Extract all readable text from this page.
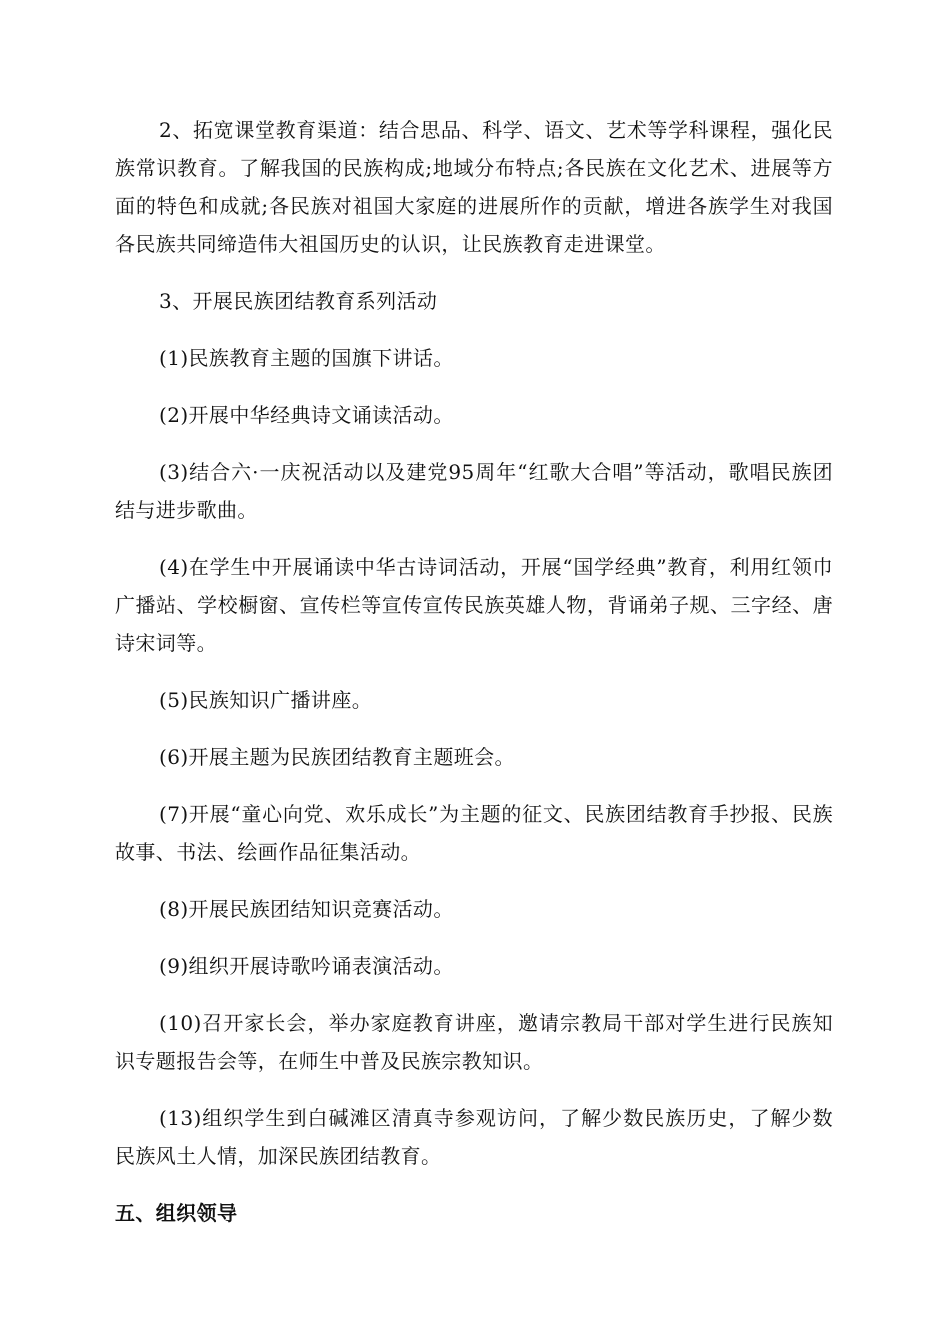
2、拓宽课堂教育渠道：结合思品、科学、语文、艺术等学科课程，强化民族常识教育。了解我国的民族构成;地域分布特点;各民族在文化艺术、进展等方面的特色和成就;各民族对祖国大家庭的进展所作的贡献，增进各族学生对我国各民族共同缔造伟大祖国历史的认识，让民族教育走进课堂。

3、开展民族团结教育系列活动

(1)民族教育主题的国旗下讲话。

(2)开展中华经典诗文诵读活动。

(3)结合六·一庆祝活动以及建党95周年“红歌大合唱”等活动，歌唱民族团结与进步歌曲。

(4)在学生中开展诵读中华古诗词活动，开展“国学经典”教育，利用红领巾广播站、学校橱窗、宣传栏等宣传宣传民族英雄人物，背诵弟子规、三字经、唐诗宋词等。

(5)民族知识广播讲座。

(6)开展主题为民族团结教育主题班会。

(7)开展“童心向党、欢乐成长”为主题的征文、民族团结教育手抄报、民族故事、书法、绘画作品征集活动。

(8)开展民族团结知识竞赛活动。

(9)组织开展诗歌吟诵表演活动。

(10)召开家长会，举办家庭教育讲座，邀请宗教局干部对学生进行民族知识专题报告会等，在师生中普及民族宗教知识。

(13)组织学生到白碱滩区清真寺参观访问，了解少数民族历史，了解少数民族风土人情，加深民族团结教育。

五、组织领导
